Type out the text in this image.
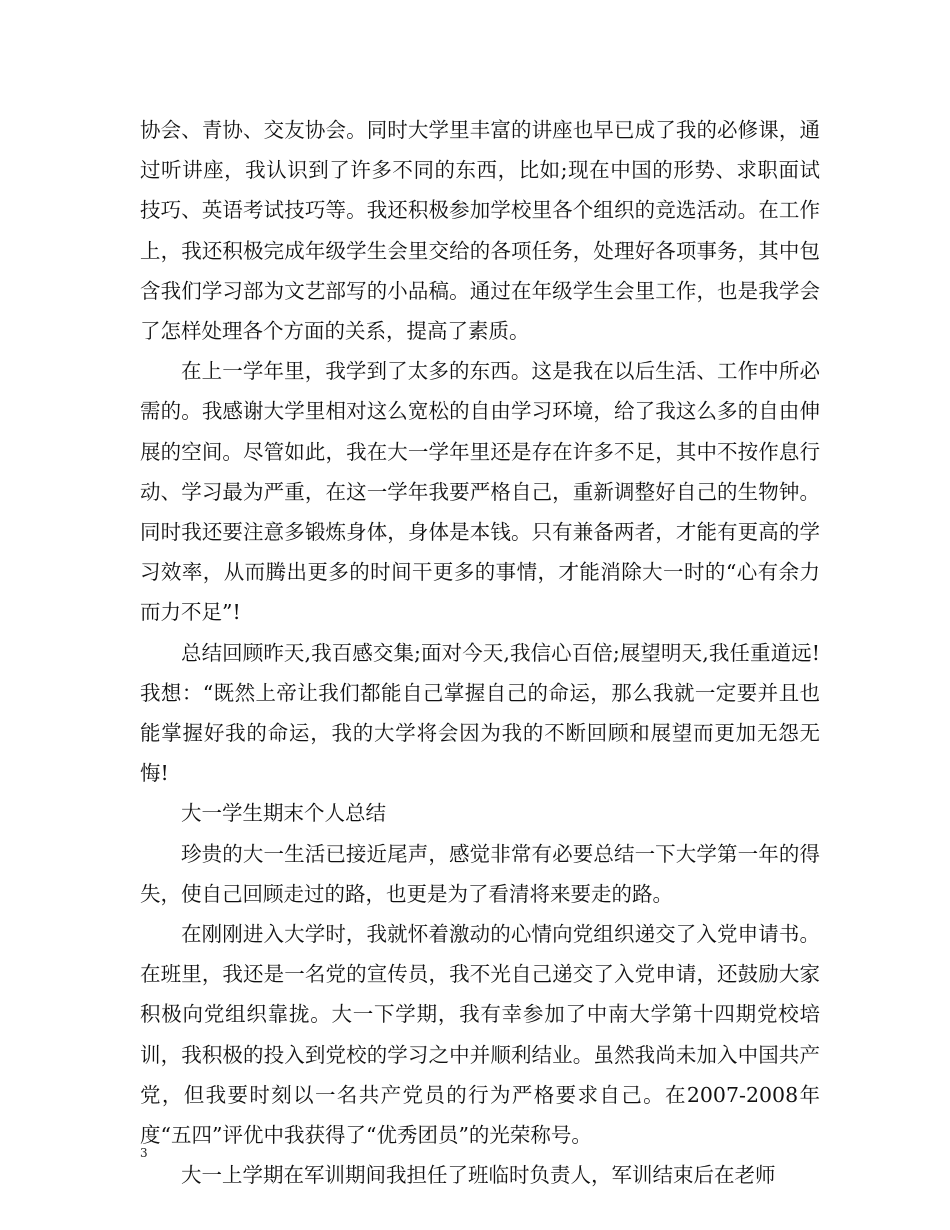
协会、青协、交友协会。同时大学里丰富的讲座也早已成了我的必修课，通过听讲座，我认识到了许多不同的东西，比如;现在中国的形势、求职面试技巧、英语考试技巧等。我还积极参加学校里各个组织的竞选活动。在工作上，我还积极完成年级学生会里交给的各项任务，处理好各项事务，其中包含我们学习部为文艺部写的小品稿。通过在年级学生会里工作，也是我学会了怎样处理各个方面的关系，提高了素质。

在上一学年里，我学到了太多的东西。这是我在以后生活、工作中所必需的。我感谢大学里相对这么宽松的自由学习环境，给了我这么多的自由伸展的空间。尽管如此，我在大一学年里还是存在许多不足，其中不按作息行动、学习最为严重，在这一学年我要严格自己，重新调整好自己的生物钟。同时我还要注意多锻炼身体，身体是本钱。只有兼备两者，才能有更高的学习效率，从而腾出更多的时间干更多的事情，才能消除大一时的“心有余力而力不足”!

总结回顾昨天,我百感交集;面对今天,我信心百倍;展望明天,我任重道远!我想：“既然上帝让我们都能自己掌握自己的命运，那么我就一定要并且也能掌握好我的命运，我的大学将会因为我的不断回顾和展望而更加无怨无悔!

大一学生期末个人总结

珍贵的大一生活已接近尾声，感觉非常有必要总结一下大学第一年的得失，使自己回顾走过的路，也更是为了看清将来要走的路。

在刚刚进入大学时，我就怀着激动的心情向党组织递交了入党申请书。在班里，我还是一名党的宣传员，我不光自己递交了入党申请，还鼓励大家积极向党组织靠拢。大一下学期，我有幸参加了中南大学第十四期党校培训，我积极的投入到党校的学习之中并顺利结业。虽然我尚未加入中国共产党，但我要时刻以一名共产党员的行为严格要求自己。在2007-2008年度“五四”评优中我获得了“优秀团员”的光荣称号。

大一上学期在军训期间我担任了班临时负责人，军训结束后在老师

3
